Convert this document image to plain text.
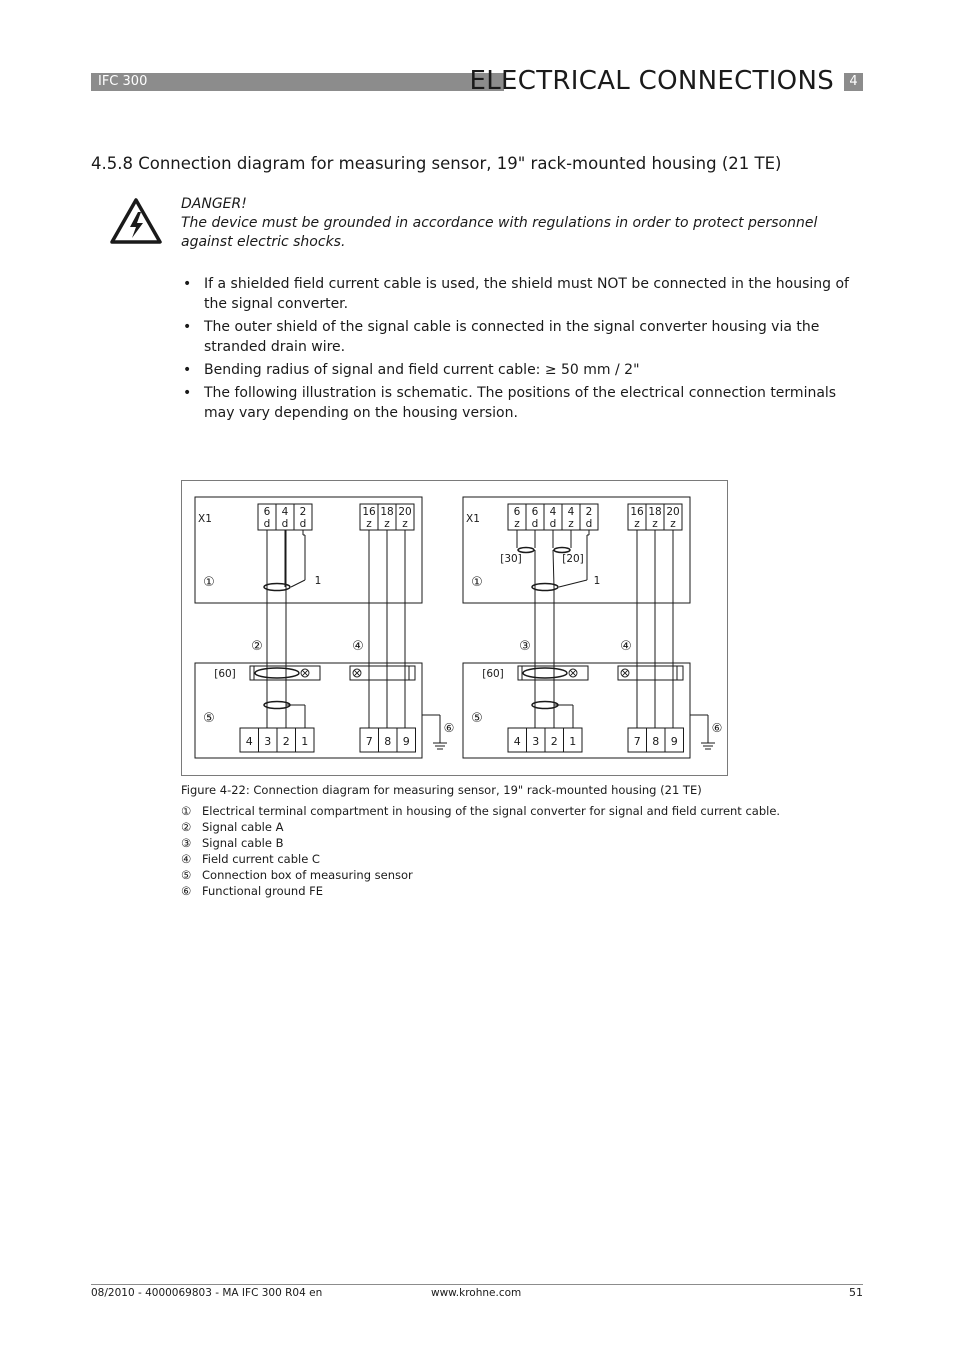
IFC 300	ELECTRICAL CONNECTIONS	4
4.5.8 Connection diagram for measuring sensor, 19" rack-mounted housing (21 TE)
DANGER!
The device must be grounded in accordance with regulations in order to protect personnel against electric shocks.
• If a shielded field current cable is used, the shield must NOT be connected in the housing of the signal converter.
• The outer shield of the signal cable is connected in the signal converter housing via the stranded drain wire.
• Bending radius of signal and field current cable: ≥ 50 mm / 2"
• The following illustration is schematic. The positions of the electrical connection terminals may vary depending on the housing version.
X1
①
6
d
4
d
2
d
16
z
18
z
20
z
⑤
4 3 2 1	7 8 9
[60]
1
②	④
⑥
X1
①
6
z
6
d
4
d
4
z
2
d
16
z
18
z
20
z
⑤
4 3 2 1	7 8 9
[60]
1
[30]	[20]
③	④
⑥
Figure 4-22: Connection diagram for measuring sensor, 19" rack-mounted housing (21 TE)
① Electrical terminal compartment in housing of the signal converter for signal and field current cable.
② Signal cable A
③ Signal cable B
④ Field current cable C
⑤ Connection box of measuring sensor
⑥ Functional ground FE
08/2010 - 4000069803 - MA IFC 300 R04 en	www.krohne.com	51
